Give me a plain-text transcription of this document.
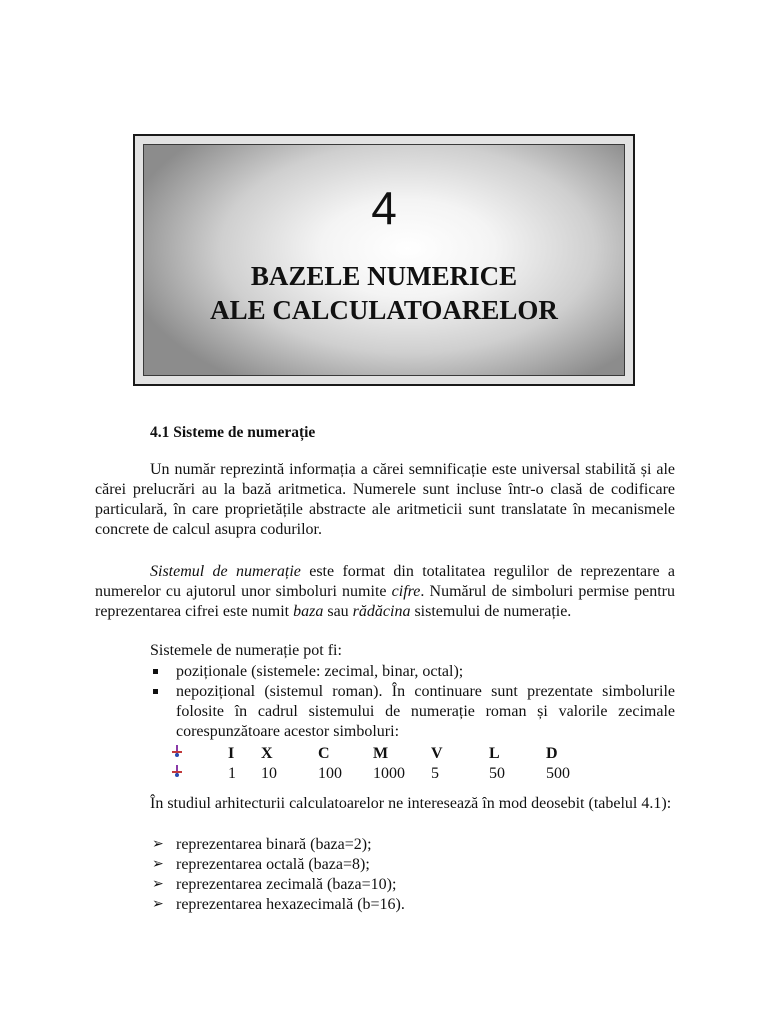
4
BAZELE NUMERICE
ALE CALCULATOARELOR
4.1 Sisteme de numerație

Un număr reprezintă informația a cărei semnificație este universal stabilită și ale cărei prelucrări au la bază aritmetica. Numerele sunt incluse într-o clasă de codificare particulară, în care proprietățile abstracte ale aritmeticii sunt translatate în mecanismele concrete de calcul asupra codurilor.

Sistemul de numerație este format din totalitatea regulilor de reprezentare a numerelor cu ajutorul unor simboluri numite cifre. Numărul de simboluri permise pentru reprezentarea cifrei este numit baza sau rădăcina sistemului de numerație.

Sistemele de numerație pot fi:

poziționale (sistemele: zecimal, binar, octal);
nepozițional (sistemul roman). În continuare sunt prezentate simbolurile folosite în cadrul sistemului de numerație roman și valorile zecimale corespunzătoare acestor simboluri:
	I	X	C	M	V	L	D
	1	10	100	1000	5	50	500

În studiul arhitecturii calculatoarelor ne interesează în mod deosebit (tabelul 4.1):

➢ reprezentarea binară (baza=2);
➢ reprezentarea octală (baza=8);
➢ reprezentarea zecimală (baza=10);
➢ reprezentarea hexazecimală (b=16).
